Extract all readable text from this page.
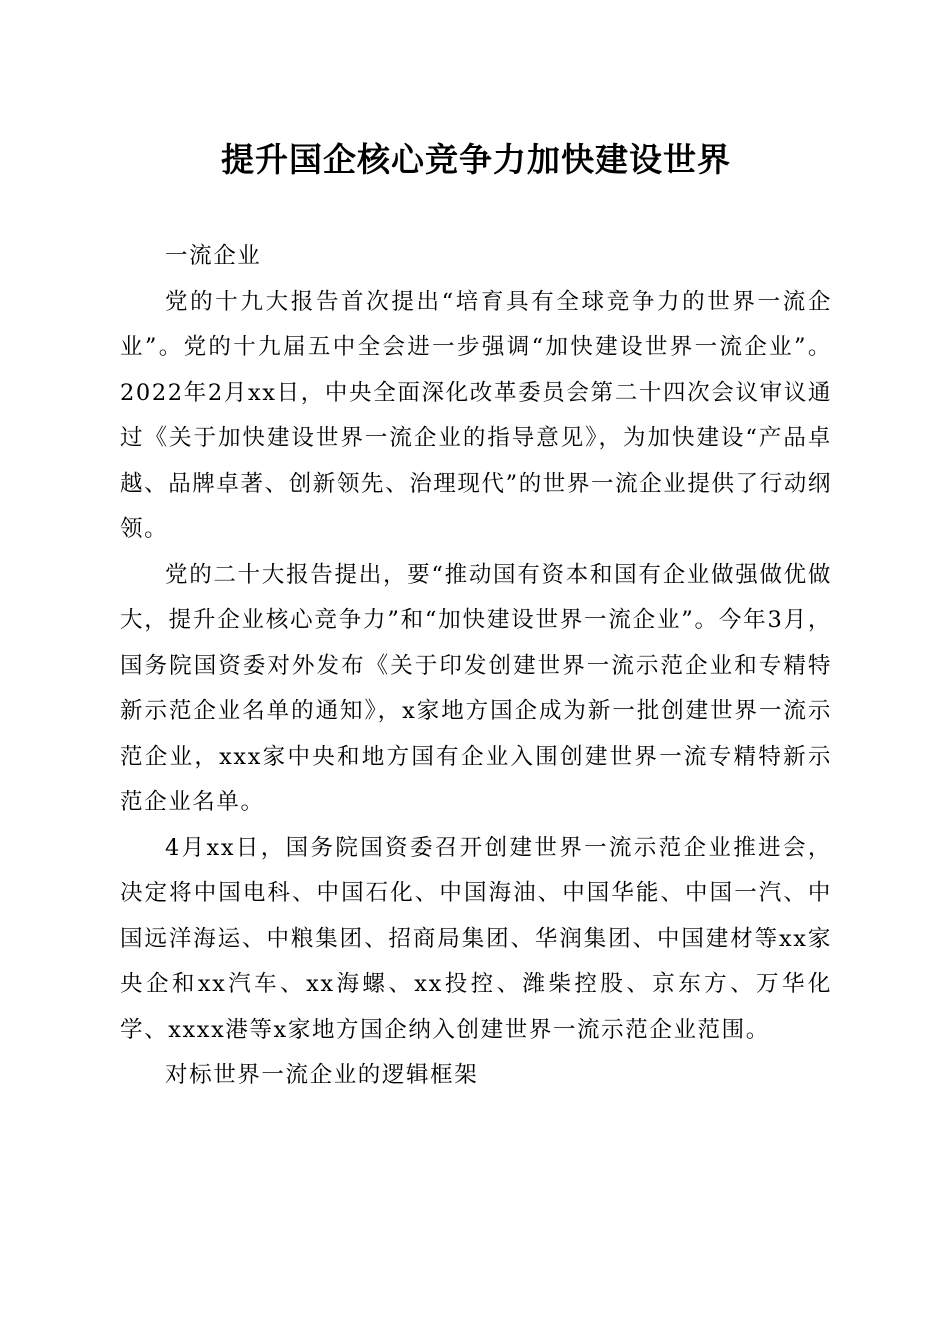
提升国企核心竞争力加快建设世界

一流企业

党的十九大报告首次提出“培育具有全球竞争力的世界一流企业”。党的十九届五中全会进一步强调“加快建设世界一流企业”。2022年2月xx日，中央全面深化改革委员会第二十四次会议审议通过《关于加快建设世界一流企业的指导意见》，为加快建设“产品卓越、品牌卓著、创新领先、治理现代”的世界一流企业提供了行动纲领。

党的二十大报告提出，要“推动国有资本和国有企业做强做优做大，提升企业核心竞争力”和“加快建设世界一流企业”。今年3月，国务院国资委对外发布《关于印发创建世界一流示范企业和专精特新示范企业名单的通知》，x家地方国企成为新一批创建世界一流示范企业，xxx家中央和地方国有企业入围创建世界一流专精特新示范企业名单。

4月xx日，国务院国资委召开创建世界一流示范企业推进会，决定将中国电科、中国石化、中国海油、中国华能、中国一汽、中国远洋海运、中粮集团、招商局集团、华润集团、中国建材等xx家央企和xx汽车、xx海螺、xx投控、潍柴控股、京东方、万华化学、xxxx港等x家地方国企纳入创建世界一流示范企业范围。

对标世界一流企业的逻辑框架
